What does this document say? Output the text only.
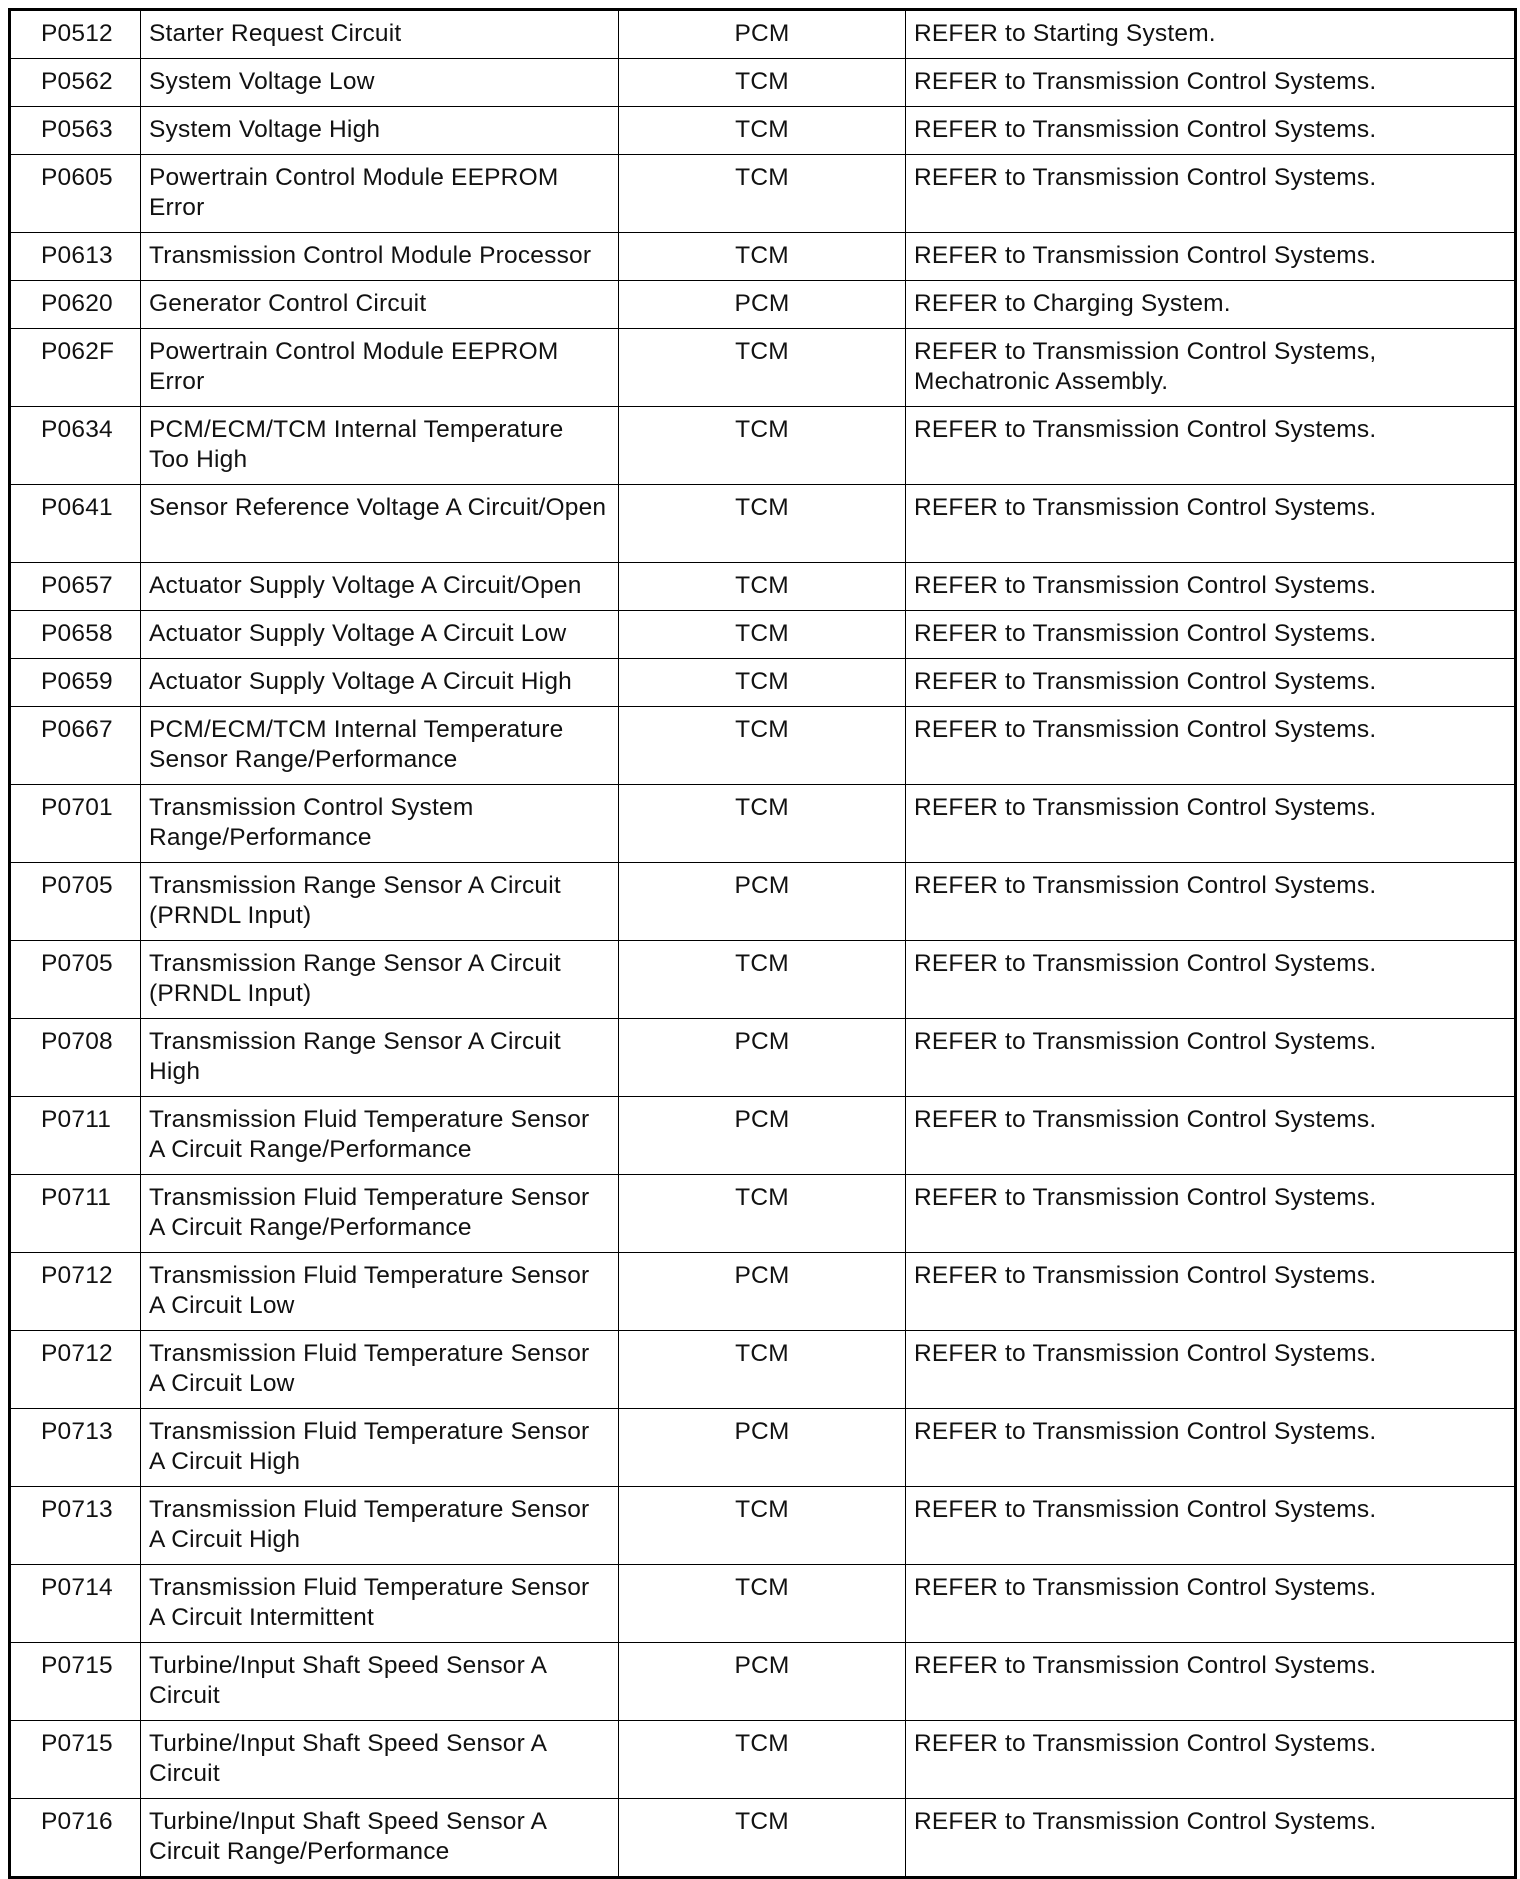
P0512	Starter Request Circuit	PCM	REFER to Starting System.
P0562	System Voltage Low	TCM	REFER to Transmission Control Systems.
P0563	System Voltage High	TCM	REFER to Transmission Control Systems.
P0605	Powertrain Control Module EEPROM Error	TCM	REFER to Transmission Control Systems.
P0613	Transmission Control Module Processor	TCM	REFER to Transmission Control Systems.
P0620	Generator Control Circuit	PCM	REFER to Charging System.
P062F	Powertrain Control Module EEPROM Error	TCM	REFER to Transmission Control Systems, Mechatronic Assembly.
P0634	PCM/ECM/TCM Internal Temperature Too High	TCM	REFER to Transmission Control Systems.
P0641	Sensor Reference Voltage A Circuit/Open	TCM	REFER to Transmission Control Systems.
P0657	Actuator Supply Voltage A Circuit/Open	TCM	REFER to Transmission Control Systems.
P0658	Actuator Supply Voltage A Circuit Low	TCM	REFER to Transmission Control Systems.
P0659	Actuator Supply Voltage A Circuit High	TCM	REFER to Transmission Control Systems.
P0667	PCM/ECM/TCM Internal Temperature Sensor Range/Performance	TCM	REFER to Transmission Control Systems.
P0701	Transmission Control System Range/Performance	TCM	REFER to Transmission Control Systems.
P0705	Transmission Range Sensor A Circuit (PRNDL Input)	PCM	REFER to Transmission Control Systems.
P0705	Transmission Range Sensor A Circuit (PRNDL Input)	TCM	REFER to Transmission Control Systems.
P0708	Transmission Range Sensor A Circuit High	PCM	REFER to Transmission Control Systems.
P0711	Transmission Fluid Temperature Sensor A Circuit Range/Performance	PCM	REFER to Transmission Control Systems.
P0711	Transmission Fluid Temperature Sensor A Circuit Range/Performance	TCM	REFER to Transmission Control Systems.
P0712	Transmission Fluid Temperature Sensor A Circuit Low	PCM	REFER to Transmission Control Systems.
P0712	Transmission Fluid Temperature Sensor A Circuit Low	TCM	REFER to Transmission Control Systems.
P0713	Transmission Fluid Temperature Sensor A Circuit High	PCM	REFER to Transmission Control Systems.
P0713	Transmission Fluid Temperature Sensor A Circuit High	TCM	REFER to Transmission Control Systems.
P0714	Transmission Fluid Temperature Sensor A Circuit Intermittent	TCM	REFER to Transmission Control Systems.
P0715	Turbine/Input Shaft Speed Sensor A Circuit	PCM	REFER to Transmission Control Systems.
P0715	Turbine/Input Shaft Speed Sensor A Circuit	TCM	REFER to Transmission Control Systems.
P0716	Turbine/Input Shaft Speed Sensor A Circuit Range/Performance	TCM	REFER to Transmission Control Systems.
